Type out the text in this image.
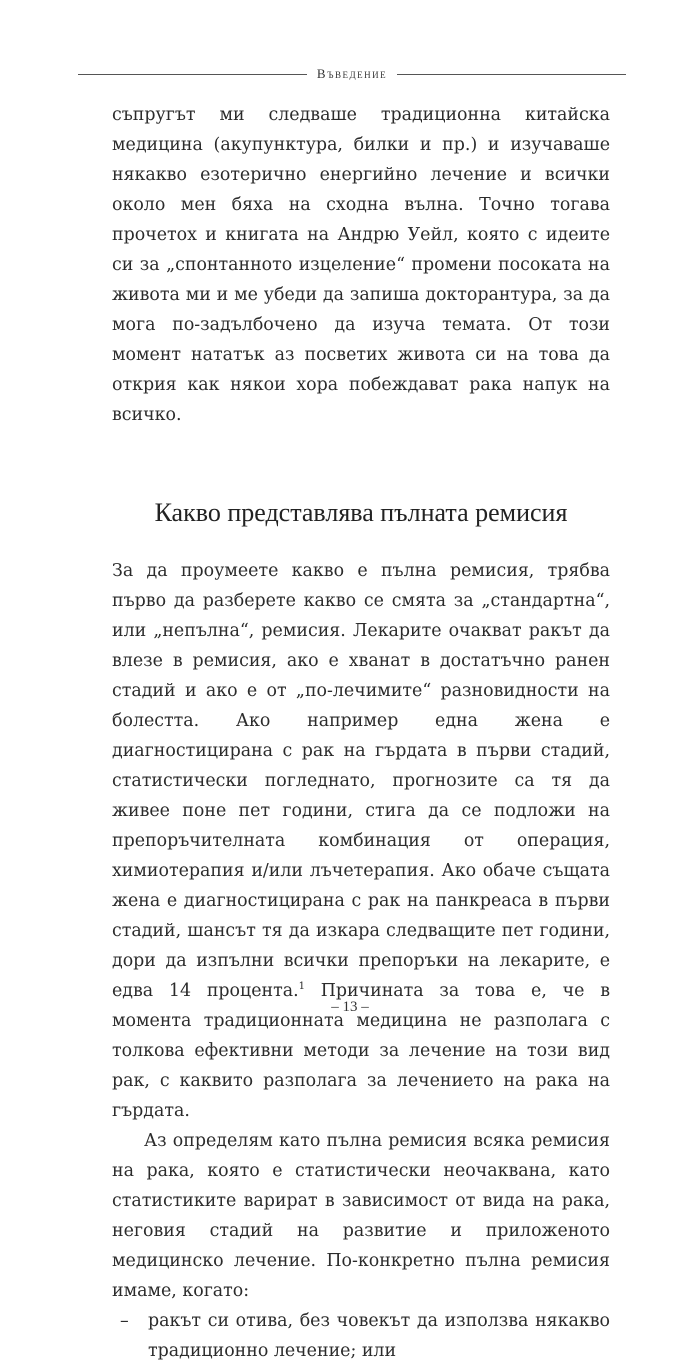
Въведение

съпругът ми следваше традиционна китайска медицина (акупунктура, билки и пр.) и изучаваше някакво езотерично енергийно лечение и всички около мен бяха на сходна вълна. Точно тогава прочетох и книгата на Андрю Уейл, която с идеите си за „спонтанното изцеление“ промени посоката на живота ми и ме убеди да запиша докторантура, за да мога по-задълбочено да изуча темата. От този момент нататък аз посветих живота си на това да открия как някои хора побеждават рака напук на всичко.

Какво представлява пълната ремисия

За да проумеете какво е пълна ремисия, трябва първо да разберете какво се смята за „стандартна“, или „непълна“, ремисия. Лекарите очакват ракът да влезе в ремисия, ако е хванат в достатъчно ранен стадий и ако е от „по-лечимите“ разновидности на болестта. Ако например една жена е диагностицирана с рак на гърдата в първи стадий, статистически погледнато, прогнозите са тя да живее поне пет години, стига да се подложи на препоръчителната комбинация от операция, химиотерапия и/или лъчетерапия. Ако обаче същата жена е диагностицирана с рак на панкреаса в първи стадий, шансът тя да изкара следващите пет години, дори да изпълни всички препоръки на лекарите, е едва 14 процента.$^1$ Причината за това е, че в момента традиционната медицина не разполага с толкова ефективни методи за лечение на този вид рак, с каквито разполага за лечението на рака на гърдата.

Аз определям като пълна ремисия всяка ремисия на рака, която е статистически неочаквана, като статистиките варират в зависимост от вида на рака, неговия стадий на развитие и приложеното медицинско лечение. По-конкретно пълна ремисия имаме, когато:

–	ракът си отива, без човекът да използва някакво традиционно лечение; или
– 13 –
